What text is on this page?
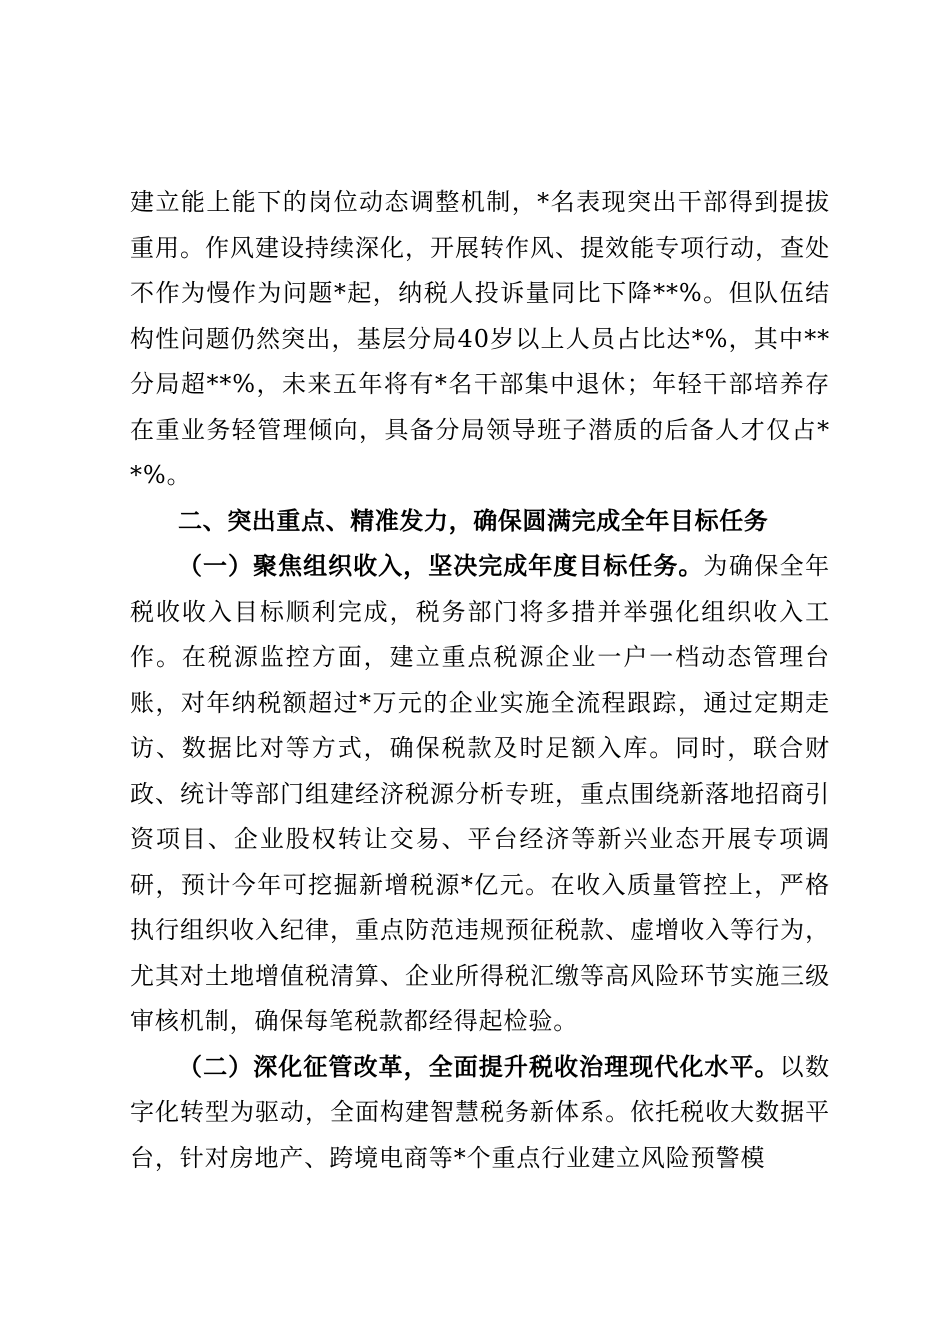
建立能上能下的岗位动态调整机制，*名表现突出干部得到提拔重用。作风建设持续深化，开展转作风、提效能专项行动，查处不作为慢作为问题*起，纳税人投诉量同比下降**%。但队伍结构性问题仍然突出，基层分局40岁以上人员占比达*%，其中**分局超**%，未来五年将有*名干部集中退休；年轻干部培养存在重业务轻管理倾向，具备分局领导班子潜质的后备人才仅占**%。

二、突出重点、精准发力，确保圆满完成全年目标任务

（一）聚焦组织收入，坚决完成年度目标任务。为确保全年税收收入目标顺利完成，税务部门将多措并举强化组织收入工作。在税源监控方面，建立重点税源企业一户一档动态管理台账，对年纳税额超过*万元的企业实施全流程跟踪，通过定期走访、数据比对等方式，确保税款及时足额入库。同时，联合财政、统计等部门组建经济税源分析专班，重点围绕新落地招商引资项目、企业股权转让交易、平台经济等新兴业态开展专项调研，预计今年可挖掘新增税源*亿元。在收入质量管控上，严格执行组织收入纪律，重点防范违规预征税款、虚增收入等行为，尤其对土地增值税清算、企业所得税汇缴等高风险环节实施三级审核机制，确保每笔税款都经得起检验。

（二）深化征管改革，全面提升税收治理现代化水平。以数字化转型为驱动，全面构建智慧税务新体系。依托税收大数据平台，针对房地产、跨境电商等*个重点行业建立风险预警模
